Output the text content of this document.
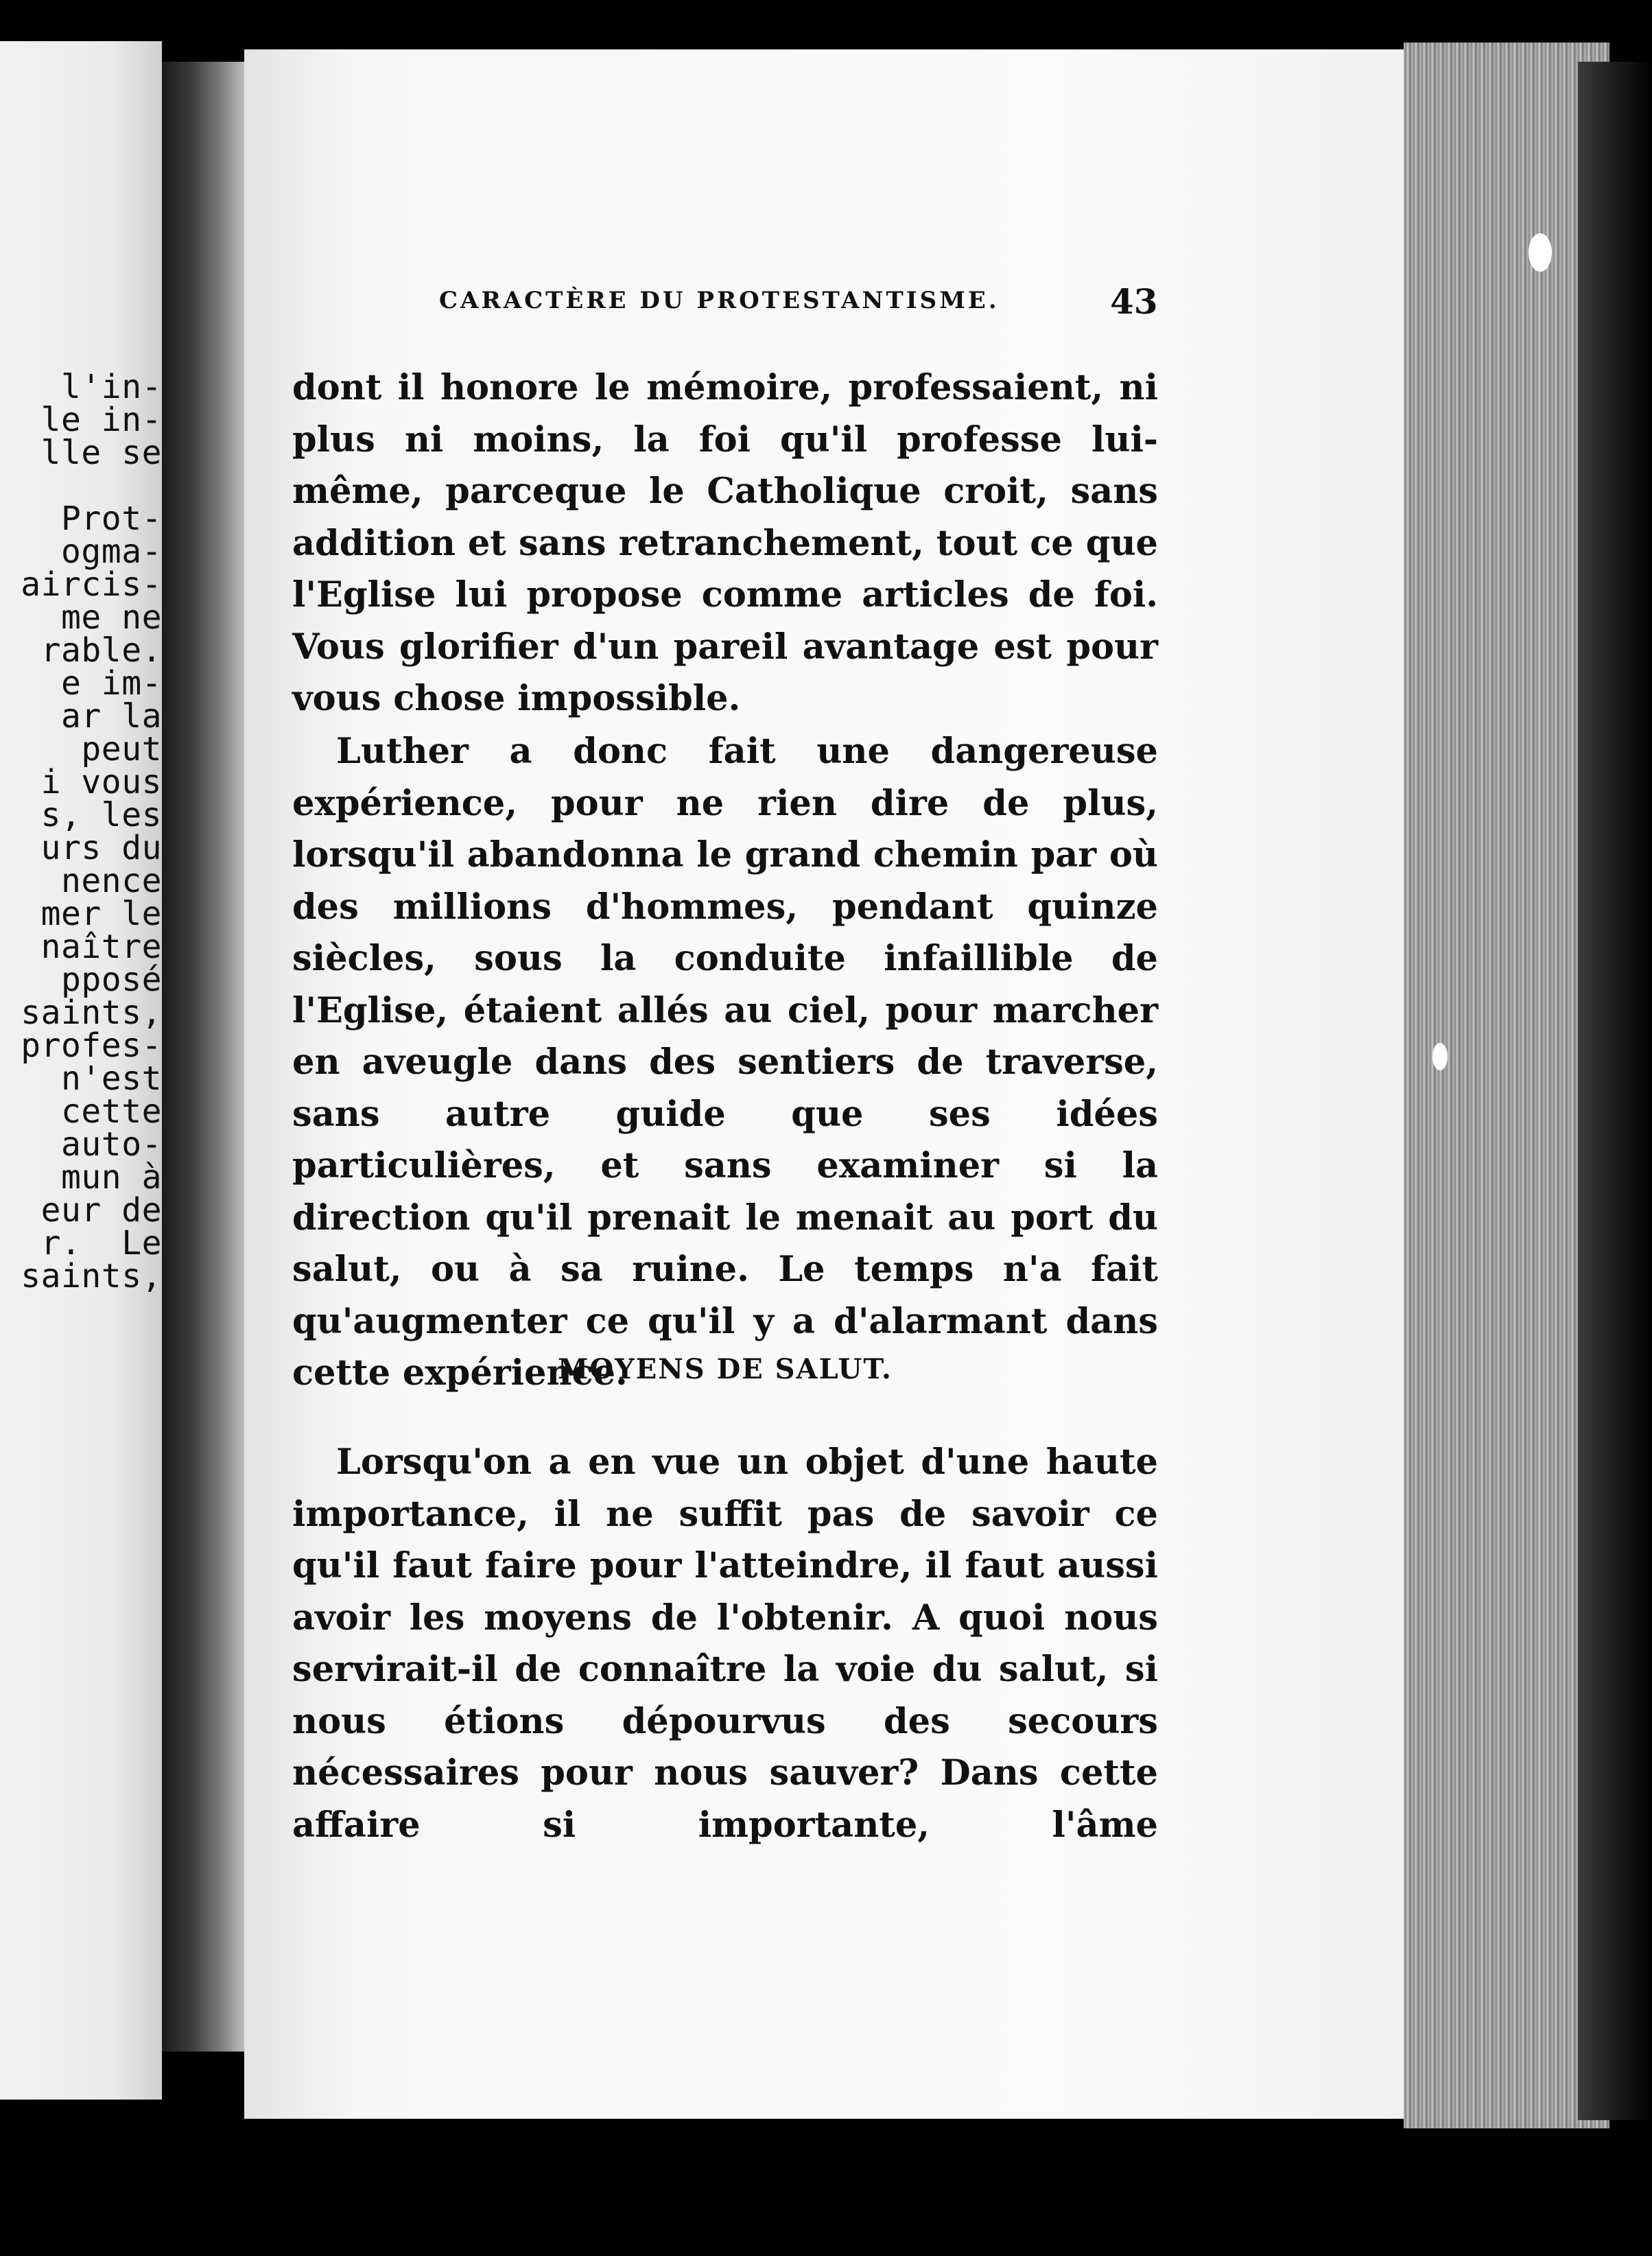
l'in-
le in-
lle se

Prot-
ogma-
aircis-
me ne
rable.
e im-
ar la
peut
i vous
s, les
urs du
nence
mer le
naître
pposé
saints,
profes-
n'est
cette
auto-
mun à
eur de
r.  Le
saints,

CARACTÈRE DU PROTESTANTISME.	43

dont il honore le mémoire, professaient, ni plus ni moins, la foi qu'il professe lui-même, parceque le Catholique croit, sans addition et sans retranchement, tout ce que l'Eglise lui propose comme articles de foi. Vous glorifier d'un pareil avantage est pour vous chose impossible.

Luther a donc fait une dangereuse expérience, pour ne rien dire de plus, lorsqu'il abandonna le grand chemin par où des millions d'hommes, pendant quinze siècles, sous la conduite infaillible de l'Eglise, étaient allés au ciel, pour marcher en aveugle dans des sentiers de traverse, sans autre guide que ses idées particulières, et sans examiner si la direction qu'il prenait le menait au port du salut, ou à sa ruine. Le temps n'a fait qu'augmenter ce qu'il y a d'alarmant dans cette expérience.

MOYENS DE SALUT.

Lorsqu'on a en vue un objet d'une haute importance, il ne suffit pas de savoir ce qu'il faut faire pour l'atteindre, il faut aussi avoir les moyens de l'obtenir. A quoi nous servirait-il de connaître la voie du salut, si nous étions dépourvus des secours nécessaires pour nous sauver? Dans cette affaire si importante, l'âme
